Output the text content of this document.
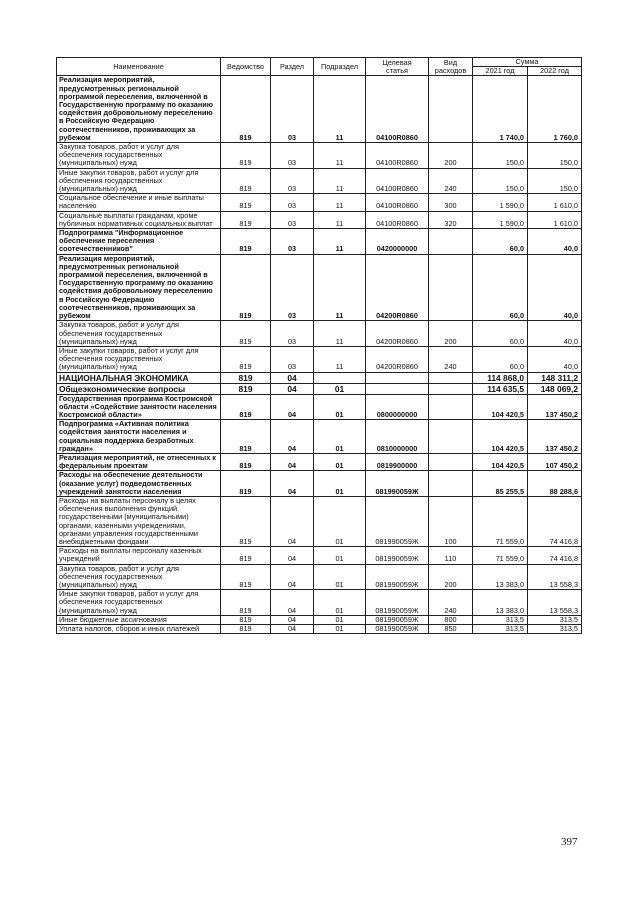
Наименование	Ведомство	Раздел	Подраздел	Целевая статья	Вид расходов	Сумма	
						2021 год	2022 год
Реализация мероприятий, предусмотренных региональной программой переселения, включенной в Государственную программу по оказанию содействия добровольному переселению в Российскую Федерацию соотечественников, проживающих за рубежом	819	03	11	04100R0860		1 740,0	1 760,0
Закупка товаров, работ и услуг для обеспечения государственных (муниципальных) нужд	819	03	11	04100R0860	200	150,0	150,0
Иные закупки товаров, работ и услуг для обеспечения государственных (муниципальных) нужд	819	03	11	04100R0860	240	150,0	150,0
Социальное обеспечение и иные выплаты населению	819	03	11	04100R0860	300	1 590,0	1 610,0
Социальные выплаты гражданам, кроме публичных нормативных социальных выплат	819	03	11	04100R0860	320	1 590,0	1 610,0
Подпрограмма "Информационное обеспечение переселения соотечественников"	819	03	11	0420000000		60,0	40,0
Реализация мероприятий, предусмотренных региональной программой переселения, включенной в Государственную программу по оказанию содействия добровольному переселению в Российскую Федерацию соотечественников, проживающих за рубежом	819	03	11	04200R0860		60,0	40,0
Закупка товаров, работ и услуг для обеспечения государственных (муниципальных) нужд	819	03	11	04200R0860	200	60,0	40,0
Иные закупки товаров, работ и услуг для обеспечения государственных (муниципальных) нужд	819	03	11	04200R0860	240	60,0	40,0
НАЦИОНАЛЬНАЯ ЭКОНОМИКА	819	04				114 868,0	148 311,2
Общеэкономические вопросы	819	04	01			114 635,5	148 069,2
Государственная программа Костромской области «Содействие занятости населения Костромской области»	819	04	01	0800000000		104 420,5	137 450,2
Подпрограмма «Активная политика содействия занятости населения и социальная поддержка безработных граждан»	819	04	01	0810000000		104 420,5	137 450,2
Реализация мероприятий, не отнесенных к федеральным проектам	819	04	01	0819900000		104 420,5	107 450,2
Расходы на обеспечение деятельности (оказание услуг) подведомственных учреждений занятости населения	819	04	01	081990059Ж		85 255,5	88 288,6
Расходы на выплаты персоналу в целях обеспечения выполнения функций государственными (муниципальными) органами, казенными учреждениями, органами управления государственными внебюджетными фондами	819	04	01	081990059Ж	100	71 559,0	74 416,8
Расходы на выплаты персоналу казенных учреждений	819	04	01	081990059Ж	110	71 559,0	74 416,8
Закупка товаров, работ и услуг для обеспечения государственных (муниципальных) нужд	819	04	01	081990059Ж	200	13 383,0	13 558,3
Иные закупки товаров, работ и услуг для обеспечения государственных (муниципальных) нужд	819	04	01	081990059Ж	240	13 383,0	13 558,3
Иные бюджетные ассигнования	819	04	01	081990059Ж	800	313,5	313,5
Уплата налогов, сборов и иных платежей	819	04	01	081990059Ж	850	313,5	313,5
397
